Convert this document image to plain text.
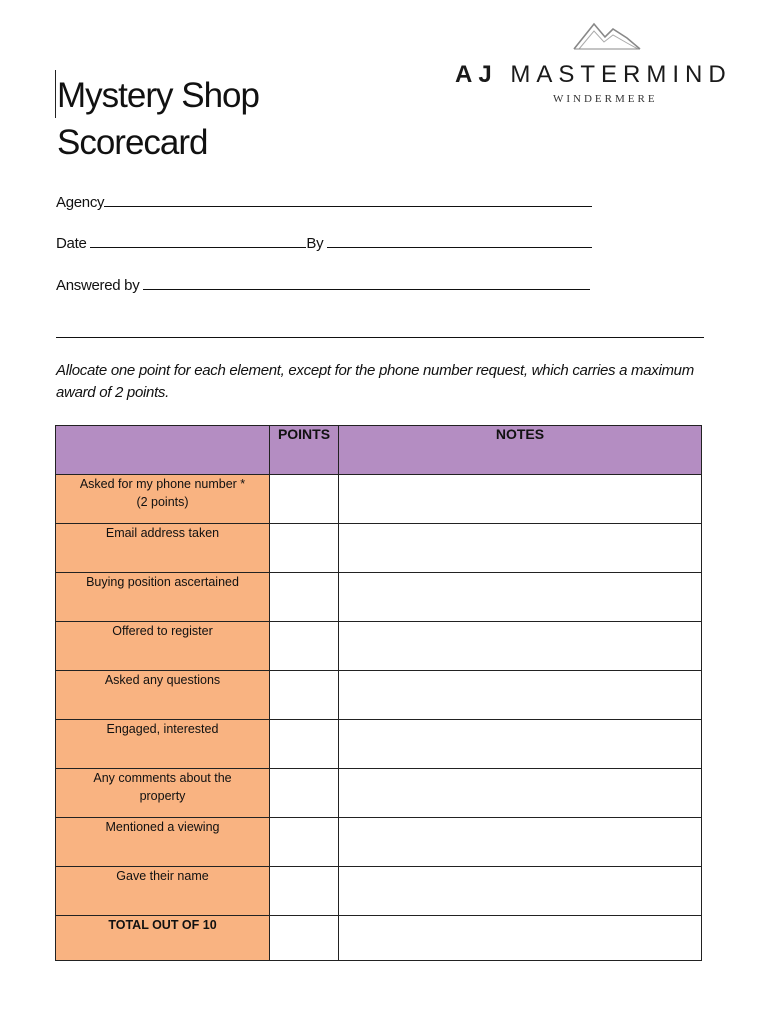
Mystery Shop
Scorecard
AJ MASTERMIND
WINDERMERE
Agency
Date	By
Answered by
Allocate one point for each element, except for the phone number request, which carries a maximum award of 2 points.
	POINTS	NOTES
Asked for my phone number * (2 points)		
Email address taken		
Buying position ascertained		
Offered to register		
Asked any questions		
Engaged, interested		
Any comments about the property		
Mentioned a viewing		
Gave their name		
TOTAL OUT OF 10		
